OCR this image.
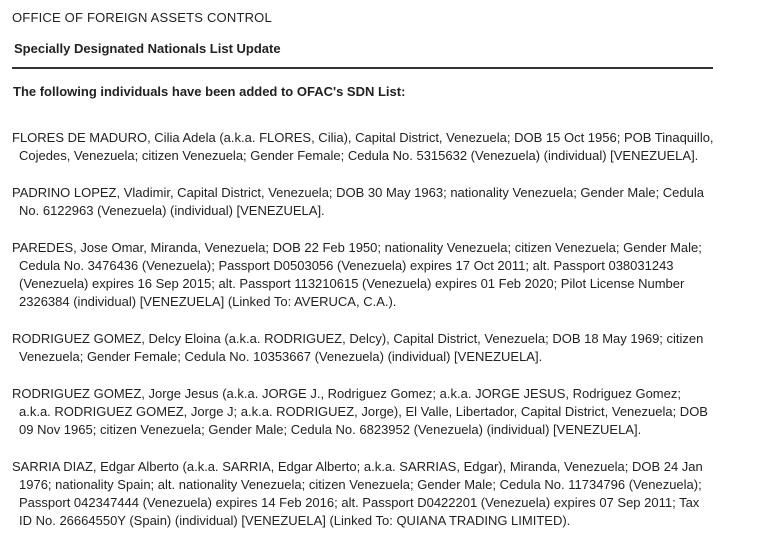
OFFICE OF FOREIGN ASSETS CONTROL
Specially Designated Nationals List Update
The following individuals have been added to OFAC's SDN List:

FLORES DE MADURO, Cilia Adela (a.k.a. FLORES, Cilia), Capital District, Venezuela; DOB 15 Oct 1956; POB Tinaquillo, Cojedes, Venezuela; citizen Venezuela; Gender Female; Cedula No. 5315632 (Venezuela) (individual) [VENEZUELA].

PADRINO LOPEZ, Vladimir, Capital District, Venezuela; DOB 30 May 1963; nationality Venezuela; Gender Male; Cedula No. 6122963 (Venezuela) (individual) [VENEZUELA].

PAREDES, Jose Omar, Miranda, Venezuela; DOB 22 Feb 1950; nationality Venezuela; citizen Venezuela; Gender Male; Cedula No. 3476436 (Venezuela); Passport D0503056 (Venezuela) expires 17 Oct 2011; alt. Passport 038031243 (Venezuela) expires 16 Sep 2015; alt. Passport 113210615 (Venezuela) expires 01 Feb 2020; Pilot License Number 2326384 (individual) [VENEZUELA] (Linked To: AVERUCA, C.A.).

RODRIGUEZ GOMEZ, Delcy Eloina (a.k.a. RODRIGUEZ, Delcy), Capital District, Venezuela; DOB 18 May 1969; citizen Venezuela; Gender Female; Cedula No. 10353667 (Venezuela) (individual) [VENEZUELA].

RODRIGUEZ GOMEZ, Jorge Jesus (a.k.a. JORGE J., Rodriguez Gomez; a.k.a. JORGE JESUS, Rodriguez Gomez; a.k.a. RODRIGUEZ GOMEZ, Jorge J; a.k.a. RODRIGUEZ, Jorge), El Valle, Libertador, Capital District, Venezuela; DOB 09 Nov 1965; citizen Venezuela; Gender Male; Cedula No. 6823952 (Venezuela) (individual) [VENEZUELA].

SARRIA DIAZ, Edgar Alberto (a.k.a. SARRIA, Edgar Alberto; a.k.a. SARRIAS, Edgar), Miranda, Venezuela; DOB 24 Jan 1976; nationality Spain; alt. nationality Venezuela; citizen Venezuela; Gender Male; Cedula No. 11734796 (Venezuela); Passport 042347444 (Venezuela) expires 14 Feb 2016; alt. Passport D0422201 (Venezuela) expires 07 Sep 2011; Tax ID No. 26664550Y (Spain) (individual) [VENEZUELA] (Linked To: QUIANA TRADING LIMITED).
